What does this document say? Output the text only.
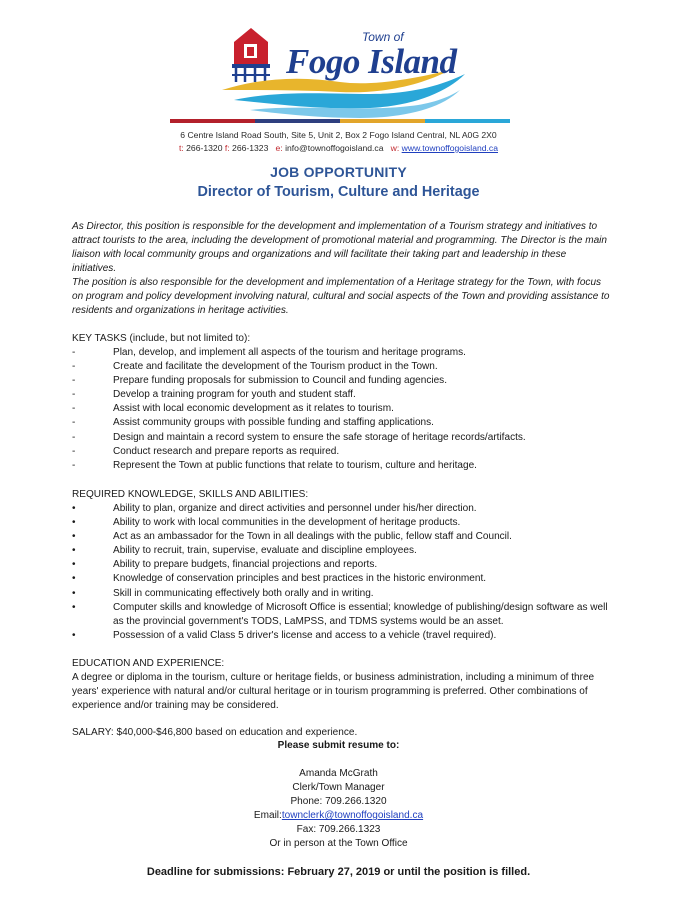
Town of
Fogo Island
6 Centre Island Road South, Site 5, Unit 2, Box 2 Fogo Island Central, NL A0G 2X0
t: 266-1320 f: 266-1323 e: info@townoffogoisland.ca w: www.townoffogoisland.ca
JOB OPPORTUNITY
Director of Tourism, Culture and Heritage

As Director, this position is responsible for the development and implementation of a Tourism strategy and initiatives to attract tourists to the area, including the development of promotional material and programming. The Director is the main liaison with local community groups and organizations and will facilitate their taking part and leadership in these initiatives.

The position is also responsible for the development and implementation of a Heritage strategy for the Town, with focus on program and policy development involving natural, cultural and social aspects of the Town and providing assistance to residents and organizations in heritage activities.

KEY TASKS (include, but not limited to):
-	Plan, develop, and implement all aspects of the tourism and heritage programs.
-	Create and facilitate the development of the Tourism product in the Town.
-	Prepare funding proposals for submission to Council and funding agencies.
-	Develop a training program for youth and student staff.
-	Assist with local economic development as it relates to tourism.
-	Assist community groups with possible funding and staffing applications.
-	Design and maintain a record system to ensure the safe storage of heritage records/artifacts.
-	Conduct research and prepare reports as required.
-	Represent the Town at public functions that relate to tourism, culture and heritage.
REQUIRED KNOWLEDGE, SKILLS AND ABILITIES:
•	Ability to plan, organize and direct activities and personnel under his/her direction.
•	Ability to work with local communities in the development of heritage products.
•	Act as an ambassador for the Town in all dealings with the public, fellow staff and Council.
•	Ability to recruit, train, supervise, evaluate and discipline employees.
•	Ability to prepare budgets, financial projections and reports.
•	Knowledge of conservation principles and best practices in the historic environment.
•	Skill in communicating effectively both orally and in writing.
•	Computer skills and knowledge of Microsoft Office is essential; knowledge of publishing/design software as well as the provincial government's TODS, LaMPSS, and TDMS systems would be an asset.
•	Possession of a valid Class 5 driver's license and access to a vehicle (travel required).
EDUCATION AND EXPERIENCE:

A degree or diploma in the tourism, culture or heritage fields, or business administration, including a minimum of three years' experience with natural and/or cultural heritage or in tourism programming is preferred. Other combinations of experience and/or training may be considered.

SALARY: $40,000-$46,800 based on education and experience.
Please submit resume to:
Amanda McGrath
Clerk/Town Manager
Phone: 709.266.1320
Email:townclerk@townoffogoisland.ca
Fax: 709.266.1323
Or in person at the Town Office
Deadline for submissions: February 27, 2019 or until the position is filled.
